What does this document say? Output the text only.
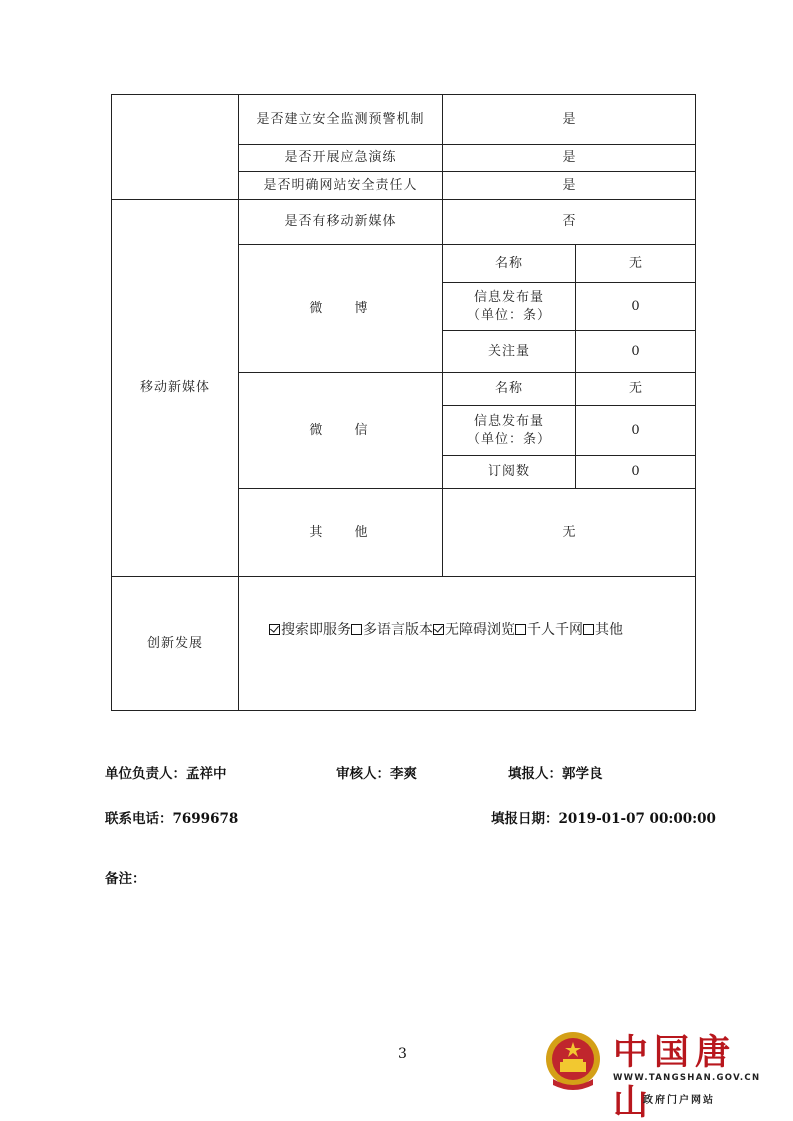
	是否建立安全监测预警机制	是	
	是否开展应急演练	是	
	是否明确网站安全责任人	是	
移动新媒体	是否有移动新媒体	否	
	微 博	名称	无
		信息发布量（单位：条）	0
		关注量	0
	微 信	名称	无
		信息发布量（单位：条）	0
		订阅数	0
	其 他	无	
创新发展	搜索即服务 多语言版本 无障碍浏览 千人千网 其他		
单位负责人：孟祥中	审核人：李爽	填报人：郭学良
联系电话：7699678	填报日期：2019-01-07 00:00:00
备注：
3	中国唐山
WWW.TANGSHAN.GOV.CN
政府门户网站
